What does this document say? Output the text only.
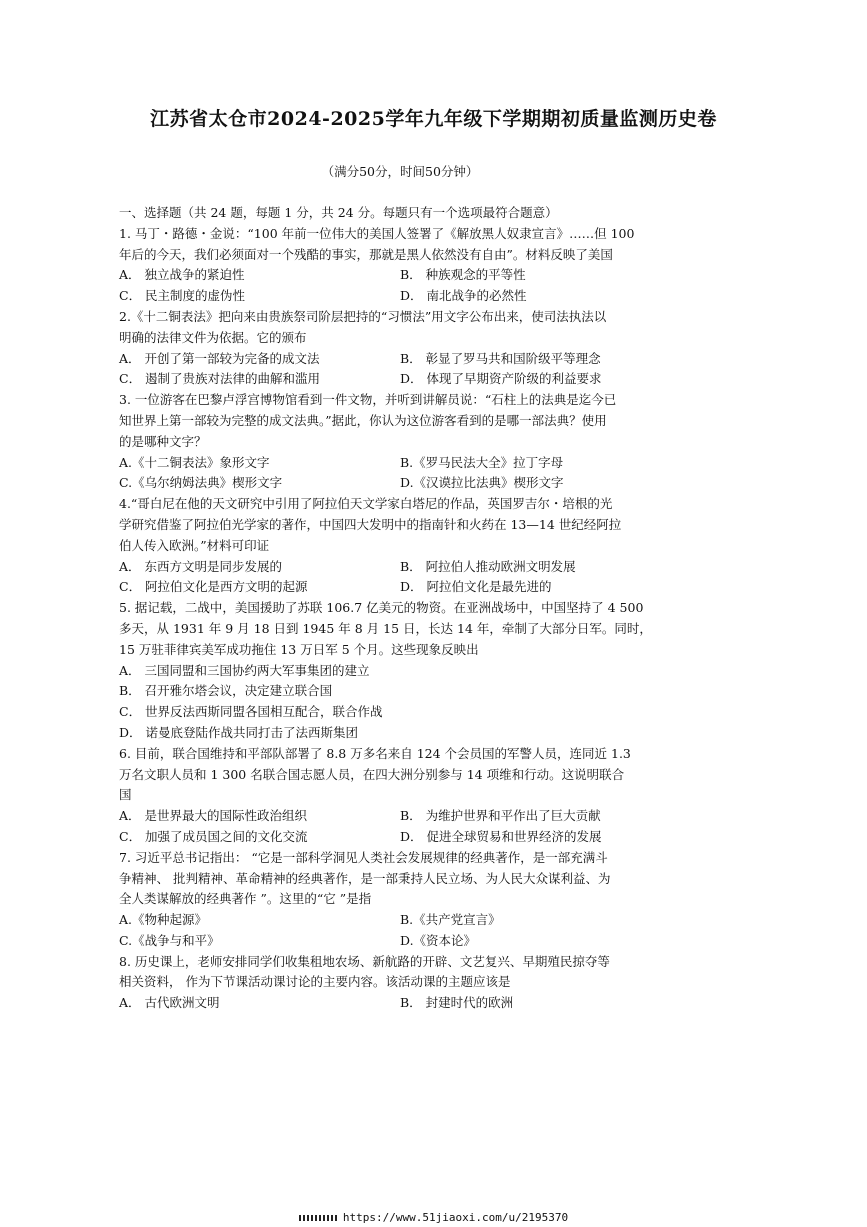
江苏省太仓市2024-2025学年九年级下学期期初质量监测历史卷
（满分50分，时间50分钟）
一、选择题（共 24 题，每题 1 分，共 24 分。每题只有一个选项最符合题意）
1. 马丁・路德・金说：“100 年前一位伟大的美国人签署了《解放黑人奴隶宣言》……但 100
年后的今天，我们必须面对一个残酷的事实，那就是黑人依然没有自由”。材料反映了美国
A． 独立战争的紧迫性	B． 种族观念的平等性
C． 民主制度的虚伪性	D． 南北战争的必然性
2.《十二铜表法》把向来由贵族祭司阶层把持的“习惯法”用文字公布出来，使司法执法以
明确的法律文件为依据。它的颁布
A． 开创了第一部较为完备的成文法	B． 彰显了罗马共和国阶级平等理念
C． 遏制了贵族对法律的曲解和滥用	D． 体现了早期资产阶级的利益要求
3. 一位游客在巴黎卢浮宫博物馆看到一件文物，并听到讲解员说：“石柱上的法典是迄今已
知世界上第一部较为完整的成文法典。”据此，你认为这位游客看到的是哪一部法典？使用
的是哪种文字？
A.《十二铜表法》象形文字	B.《罗马民法大全》拉丁字母
C.《乌尔纳姆法典》楔形文字	D.《汉谟拉比法典》楔形文字
4.“哥白尼在他的天文研究中引用了阿拉伯天文学家白塔尼的作品，英国罗吉尔・培根的光
学研究借鉴了阿拉伯光学家的著作，中国四大发明中的指南针和火药在 13—14 世纪经阿拉
伯人传入欧洲。”材料可印证
A． 东西方文明是同步发展的	B． 阿拉伯人推动欧洲文明发展
C． 阿拉伯文化是西方文明的起源	D． 阿拉伯文化是最先进的
5. 据记载，二战中，美国援助了苏联 106.7 亿美元的物资。在亚洲战场中，中国坚持了 4 500
多天，从 1931 年 9 月 18 日到 1945 年 8 月 15 日，长达 14 年，牵制了大部分日军。同时，
15 万驻菲律宾美军成功拖住 13 万日军 5 个月。这些现象反映出
A． 三国同盟和三国协约两大军事集团的建立
B． 召开雅尔塔会议，决定建立联合国
C． 世界反法西斯同盟各国相互配合，联合作战
D． 诺曼底登陆作战共同打击了法西斯集团
6. 目前，联合国维持和平部队部署了 8.8 万多名来自 124 个会员国的军警人员，连同近 1.3
万名文职人员和 1 300 名联合国志愿人员，在四大洲分别参与 14 项维和行动。这说明联合
国
A． 是世界最大的国际性政治组织	B． 为维护世界和平作出了巨大贡献
C． 加强了成员国之间的文化交流	D． 促进全球贸易和世界经济的发展
7. 习近平总书记指出： “它是一部科学洞见人类社会发展规律的经典著作，是一部充满斗
争精神、 批判精神、革命精神的经典著作，是一部秉持人民立场、为人民大众谋利益、为
全人类谋解放的经典著作 ”。这里的“它 ”是指
A.《物种起源》	B.《共产党宣言》
C.《战争与和平》	D.《资本论》
8. 历史课上，老师安排同学们收集租地农场、新航路的开辟、文艺复兴、早期殖民掠夺等
相关资料， 作为下节课活动课讨论的主要内容。该活动课的主题应该是
A． 古代欧洲文明	B． 封建时代的欧洲
https://www.51jiaoxi.com/u/2195370
